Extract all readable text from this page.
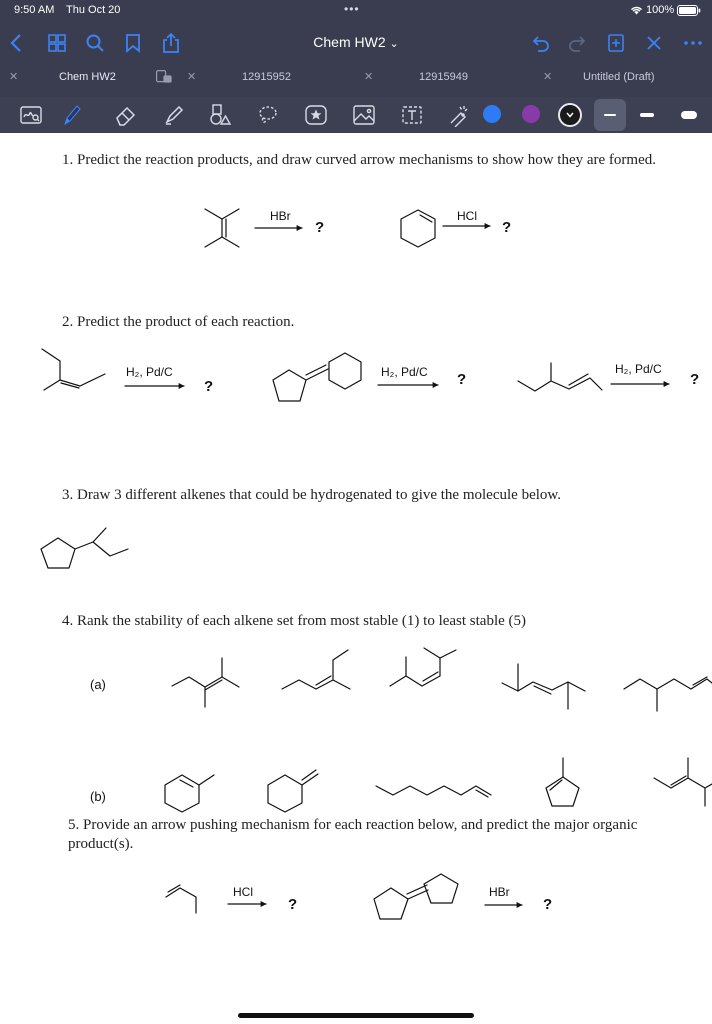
9:50 AM Thu Oct 20	•••	100%
Chem HW2 ⌄
✕	Chem HW2	✕	12915952	✕	12915949	✕	Untitled (Draft)
1. Predict the reaction products, and draw curved arrow mechanisms to show how they are formed.
2. Predict the product of each reaction.
3. Draw 3 different alkenes that could be hydrogenated to give the molecule below.
4. Rank the stability of each alkene set from most stable (1) to least stable (5)
5. Provide an arrow pushing mechanism for each reaction below, and predict the major organic product(s).
(a)
(b)
HBr	HCl
H₂, Pd/C	H₂, Pd/C	H₂, Pd/C
HCl	HBr
?	?
?	?	?
?	?
